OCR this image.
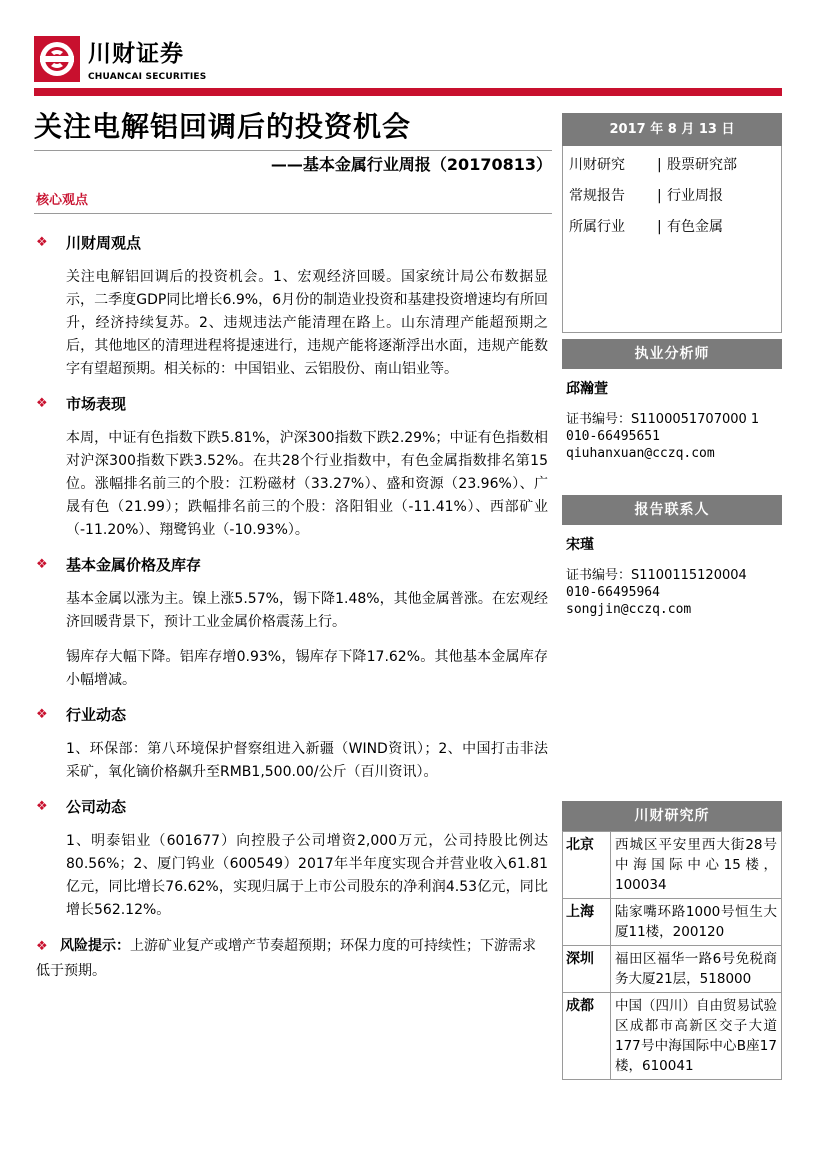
川财证券
CHUANCAI SECURITIES
关注电解铝回调后的投资机会
——基本金属行业周报（20170813）
核心观点
❖	川财周观点

关注电解铝回调后的投资机会。1、宏观经济回暖。国家统计局公布数据显示，二季度GDP同比增长6.9%，6月份的制造业投资和基建投资增速均有所回升，经济持续复苏。2、违规违法产能清理在路上。山东清理产能超预期之后，其他地区的清理进程将提速进行，违规产能将逐渐浮出水面，违规产能数字有望超预期。相关标的：中国铝业、云铝股份、南山铝业等。

❖	市场表现

本周，中证有色指数下跌5.81%，沪深300指数下跌2.29%；中证有色指数相对沪深300指数下跌3.52%。在共28个行业指数中，有色金属指数排名第15位。涨幅排名前三的个股：江粉磁材（33.27%）、盛和资源（23.96%）、广晟有色（21.99）；跌幅排名前三的个股：洛阳钼业（-11.41%）、西部矿业（-11.20%）、翔鹭钨业（-10.93%）。

❖	基本金属价格及库存

基本金属以涨为主。镍上涨5.57%，锡下降1.48%，其他金属普涨。在宏观经济回暖背景下，预计工业金属价格震荡上行。

锡库存大幅下降。铝库存增0.93%，锡库存下降17.62%。其他基本金属库存小幅增减。

❖	行业动态

1、环保部：第八环境保护督察组进入新疆（WIND资讯）；2、中国打击非法采矿，氧化镝价格飙升至RMB1,500.00/公斤（百川资讯）。

❖	公司动态

1、明泰铝业（601677）向控股子公司增资2,000万元，公司持股比例达80.56%；2、厦门钨业（600549）2017年半年度实现合并营业收入61.81亿元，同比增长76.62%，实现归属于上市公司股东的净利润4.53亿元，同比增长562.12%。

❖ 风险提示：上游矿业复产或增产节奏超预期；环保力度的可持续性；下游需求低于预期。
2017 年 8 月 13 日
川财研究	| 股票研究部
常规报告	| 行业周报
所属行业	| 有色金属
执业分析师
邱瀚萱
证书编号：S1100051707000 1
010-66495651
qiuhanxuan@cczq.com
报告联系人
宋瑾
证书编号：S1100115120004
010-66495964
songjin@cczq.com
川财研究所
北京	西城区平安里西大街28号中海国际中心15楼，100034
上海	陆家嘴环路1000号恒生大厦11楼，200120
深圳	福田区福华一路6号免税商务大厦21层，518000
成都	中国（四川）自由贸易试验区成都市高新区交子大道177号中海国际中心B座17楼，610041
